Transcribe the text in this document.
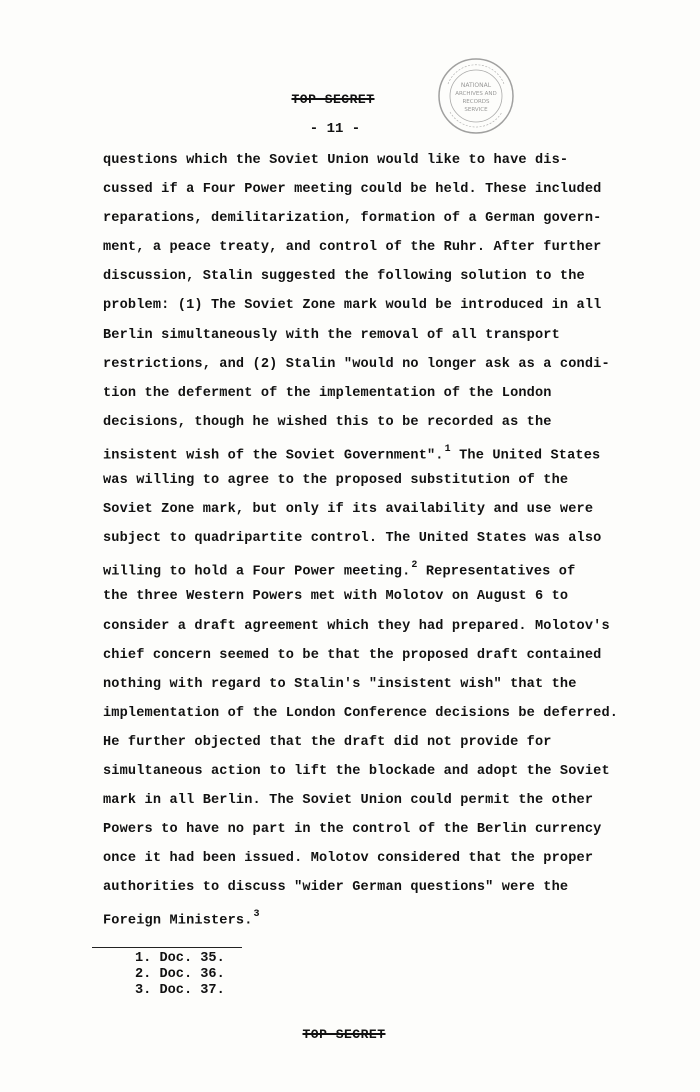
TOP SECRET
NATIONAL
ARCHIVES AND
RECORDS
SERVICE
- 11 -
questions which the Soviet Union would like to have dis-
cussed if a Four Power meeting could be held. These included
reparations, demilitarization, formation of a German govern-
ment, a peace treaty, and control of the Ruhr. After further
discussion, Stalin suggested the following solution to the
problem: (1) The Soviet Zone mark would be introduced in all
Berlin simultaneously with the removal of all transport
restrictions, and (2) Stalin "would no longer ask as a condi-
tion the deferment of the implementation of the London
decisions, though he wished this to be recorded as the
insistent wish of the Soviet Government".$^1$ The United States
was willing to agree to the proposed substitution of the
Soviet Zone mark, but only if its availability and use were
subject to quadripartite control. The United States was also
willing to hold a Four Power meeting.$^2$ Representatives of
the three Western Powers met with Molotov on August 6 to
consider a draft agreement which they had prepared. Molotov's
chief concern seemed to be that the proposed draft contained
nothing with regard to Stalin's "insistent wish" that the
implementation of the London Conference decisions be deferred.
He further objected that the draft did not provide for
simultaneous action to lift the blockade and adopt the Soviet
mark in all Berlin. The Soviet Union could permit the other
Powers to have no part in the control of the Berlin currency
once it had been issued. Molotov considered that the proper
authorities to discuss "wider German questions" were the
Foreign Ministers.$^3$
1. Doc. 35.
2. Doc. 36.
3. Doc. 37.
TOP SECRET
